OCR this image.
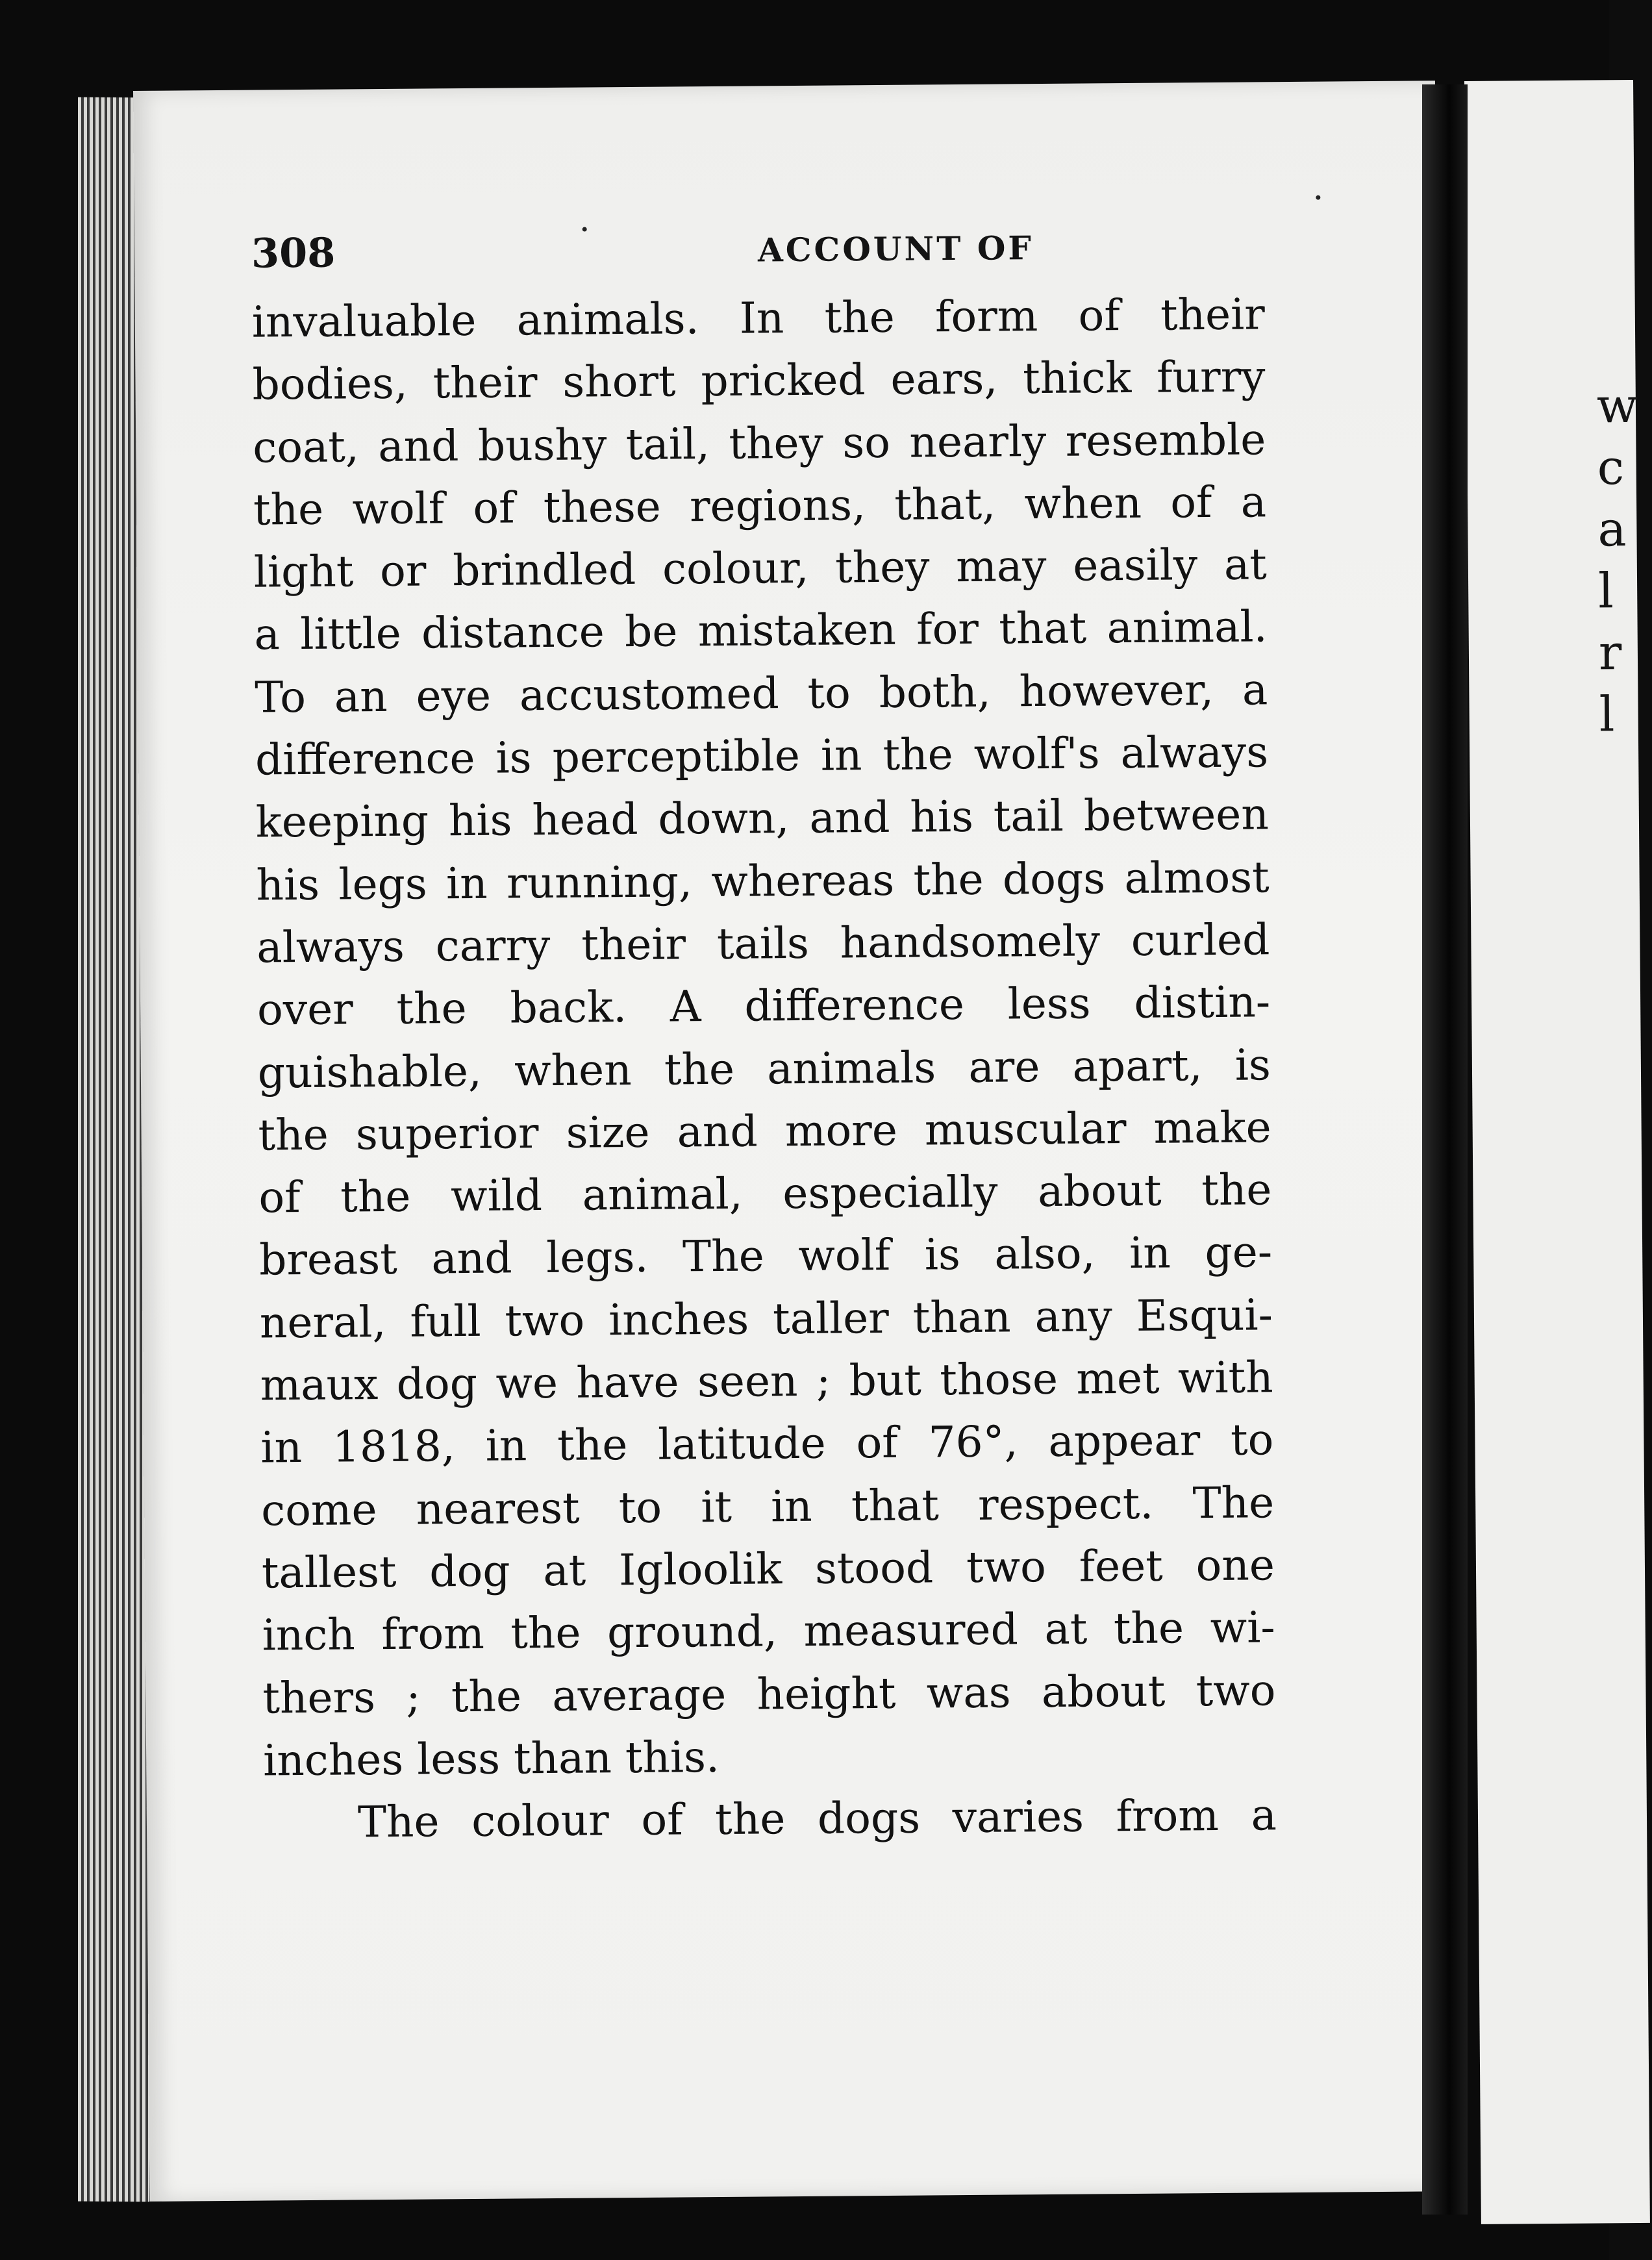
w
c
a
l
r
l
308	ACCOUNT OF
invaluable animals. In the form of their
bodies, their short pricked ears, thick furry
coat, and bushy tail, they so nearly resemble
the wolf of these regions, that, when of a
light or brindled colour, they may easily at
a little distance be mistaken for that animal.
To an eye accustomed to both, however, a
difference is perceptible in the wolf's always
keeping his head down, and his tail between
his legs in running, whereas the dogs almost
always carry their tails handsomely curled
over the back. A difference less distin-
guishable, when the animals are apart, is
the superior size and more muscular make
of the wild animal, especially about the
breast and legs. The wolf is also, in ge-
neral, full two inches taller than any Esqui-
maux dog we have seen ; but those met with
in 1818, in the latitude of 76°, appear to
come nearest to it in that respect. The
tallest dog at Igloolik stood two feet one
inch from the ground, measured at the wi-
thers ; the average height was about two
inches less than this.
The colour of the dogs varies from a
